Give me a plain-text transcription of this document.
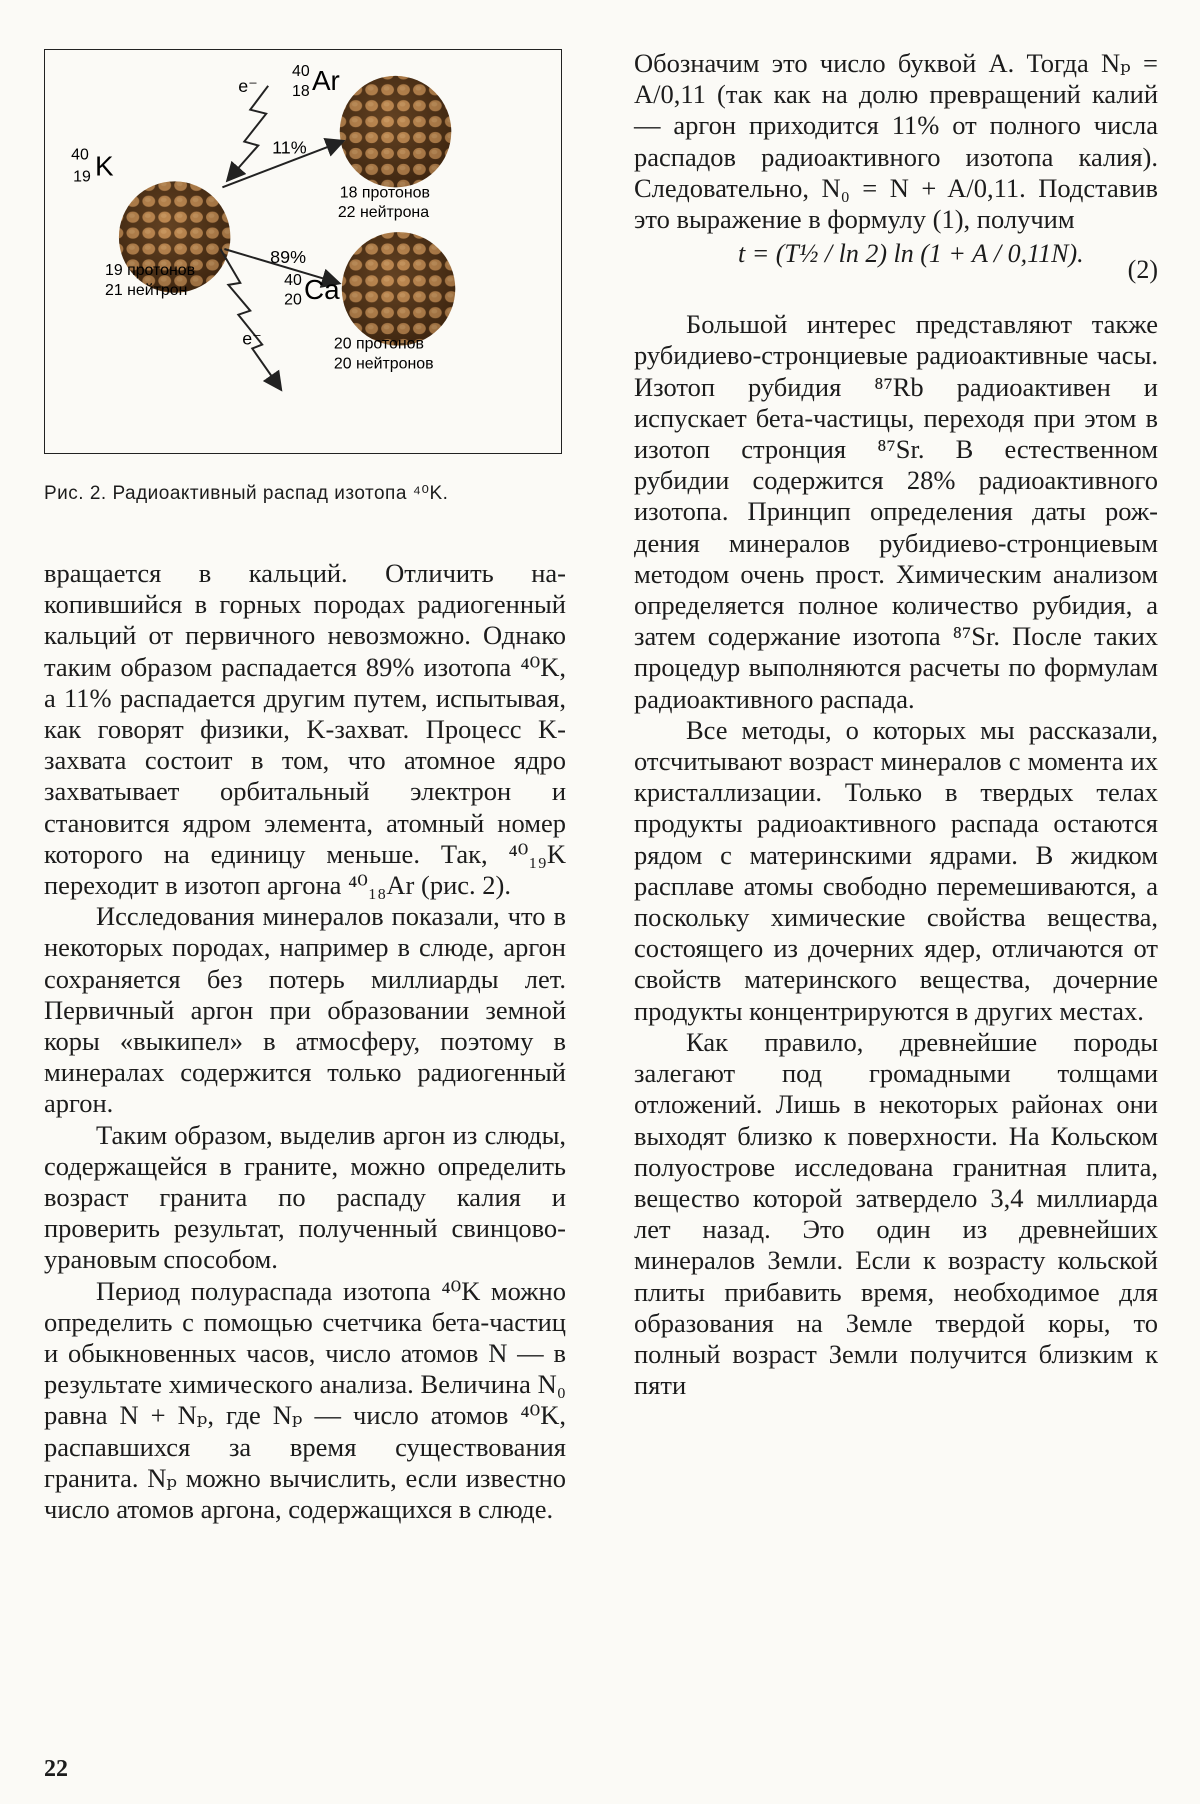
40
19 K
40
18 Ar
40
20 Ca
e⁻
e⁻
11%
89%
19 протонов
21 нейтрон
18 протонов
22 нейтрона
20 протонов
20 нейтронов
Рис. 2. Радиоактивный распад изотопа ⁴⁰K.

вращается в кальций. Отличить накопившийся в горных породах радиогенный кальций от первичного невозможно. Однако таким образом распадается 89% изотопа ⁴⁰K, а 11% распадается другим путем, испытывая, как говорят физики, K-захват. Процесс K-захвата состоит в том, что атомное ядро захватывает орбитальный электрон и становится ядром элемента, атомный номер которого на единицу меньше. Так, ⁴⁰₁₉K переходит в изотоп аргона ⁴⁰₁₈Ar (рис. 2).

Исследования минералов показали, что в некоторых породах, например в слюде, аргон сохраняется без потерь миллиарды лет. Первичный аргон при образовании земной коры «выкипел» в атмосферу, поэтому в минералах содержится только радиогенный аргон.

Таким образом, выделив аргон из слюды, содержащейся в граните, можно определить возраст гранита по распаду калия и проверить результат, полученный свинцово-урановым способом.

Период полураспада изотопа ⁴⁰K можно определить с помощью счетчика бета-частиц и обыкновенных часов, число атомов N — в результате химического анализа. Величина N₀ равна N + Nₚ, где Nₚ — число атомов ⁴⁰K, распавшихся за время существования гранита. Nₚ можно вычислить, если известно число атомов аргона, содержащихся в слюде.

Обозначим это число буквой A. Тогда Nₚ = A/0,11 (так как на долю превращений калий — аргон приходится 11% от полного числа распадов радиоактивного изотопа калия). Следовательно, N₀ = N + A/0,11. Подставив это выражение в формулу (1), получим

t = (T½ / ln 2) ln (1 + A / 0,11N).
(2)

Большой интерес представляют также рубидиево-стронциевые радиоактивные часы. Изотоп рубидия ⁸⁷Rb радиоактивен и испускает бета-частицы, переходя при этом в изотоп стронция ⁸⁷Sr. В естественном рубидии содержится 28% радиоактивного изотопа. Принцип определения даты рождения минералов рубидиево-стронциевым методом очень прост. Химическим анализом определяется полное количество рубидия, а затем содержание изотопа ⁸⁷Sr. После таких процедур выполняются расчеты по формулам радиоактивного распада.

Все методы, о которых мы рассказали, отсчитывают возраст минералов с момента их кристаллизации. Только в твердых телах продукты радиоактивного распада остаются рядом с материнскими ядрами. В жидком расплаве атомы свободно перемешиваются, а поскольку химические свойства вещества, состоящего из дочерних ядер, отличаются от свойств материнского вещества, дочерние продукты концентрируются в других местах.

Как правило, древнейшие породы залегают под громадными толщами отложений. Лишь в некоторых районах они выходят близко к поверхности. На Кольском полуострове исследована гранитная плита, вещество которой затвердело 3,4 миллиарда лет назад. Это один из древнейших минералов Земли. Если к возрасту кольской плиты прибавить время, необходимое для образования на Земле твердой коры, то полный возраст Земли получится близким к пяти

22
